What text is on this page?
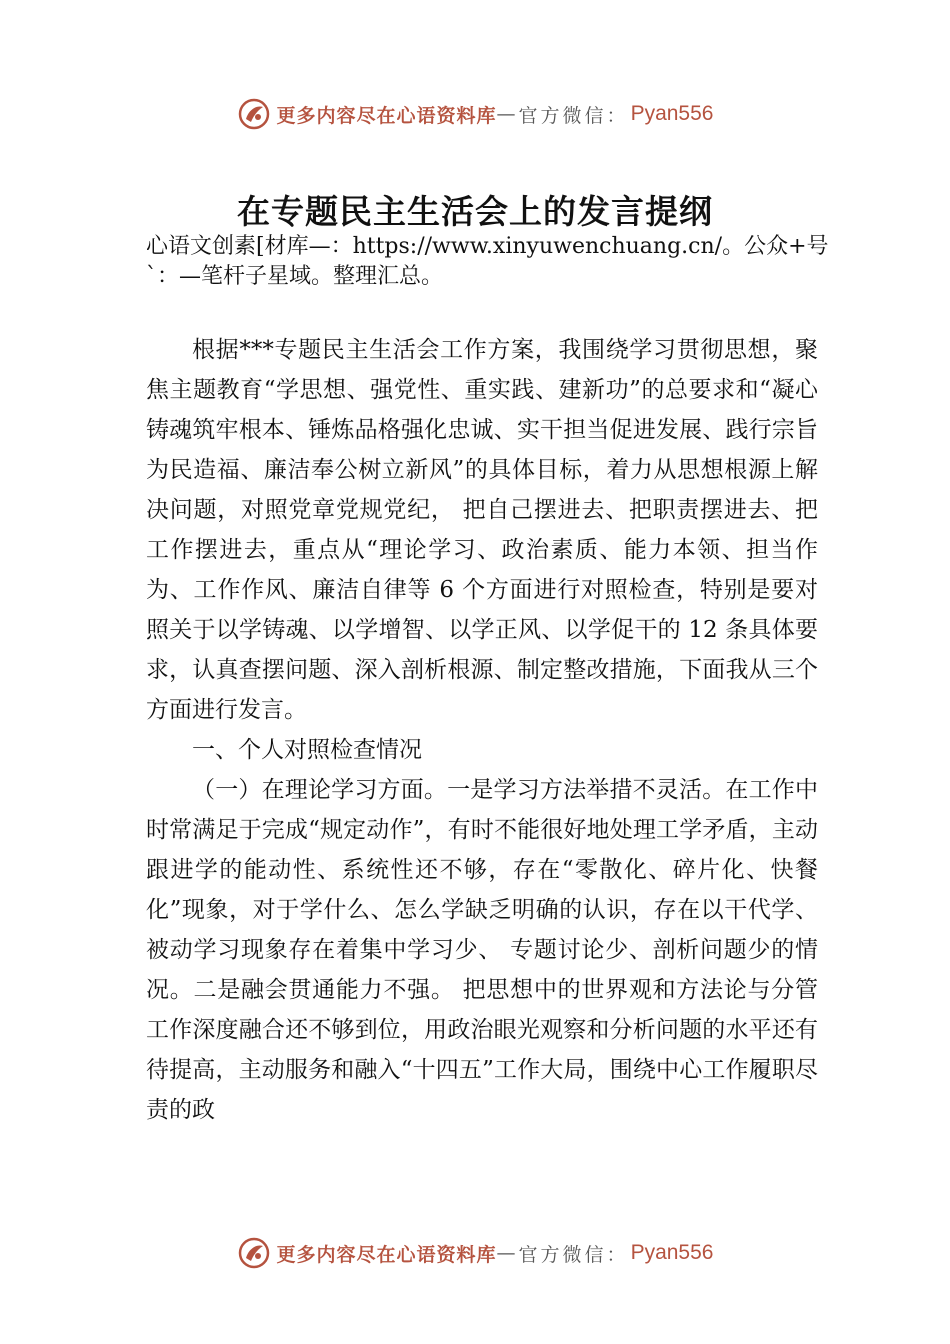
更多内容尽在心语资料库 — 官方微信： Pyan556
在专题民主生活会上的发言提纲

心语文创素[材库—：https://www.xinyuwenchuang.cn/。公众+号`：—笔杆子星域。整理汇总。

根据***专题民主生活会工作方案，我围绕学习贯彻思想，聚焦主题教育“学思想、强党性、重实践、建新功”的总要求和“凝心铸魂筑牢根本、锤炼品格强化忠诚、实干担当促进发展、践行宗旨为民造福、廉洁奉公树立新风”的具体目标，着力从思想根源上解决问题，对照党章党规党纪， 把自己摆进去、把职责摆进去、把工作摆进去，重点从“理论学习、政治素质、能力本领、担当作为、工作作风、廉洁自律等 6 个方面进行对照检查，特别是要对照关于以学铸魂、以学增智、以学正风、以学促干的 12 条具体要求，认真查摆问题、深入剖析根源、制定整改措施，下面我从三个方面进行发言。

一、个人对照检查情况

（一）在理论学习方面。一是学习方法举措不灵活。在工作中时常满足于完成“规定动作”，有时不能很好地处理工学矛盾，主动跟进学的能动性、系统性还不够，存在“零散化、碎片化、快餐化”现象，对于学什么、怎么学缺乏明确的认识，存在以干代学、被动学习现象存在着集中学习少、 专题讨论少、剖析问题少的情况。二是融会贯通能力不强。 把思想中的世界观和方法论与分管工作深度融合还不够到位，用政治眼光观察和分析问题的水平还有待提高，主动服务和融入“十四五”工作大局，围绕中心工作履职尽责的政

更多内容尽在心语资料库 — 官方微信： Pyan556
